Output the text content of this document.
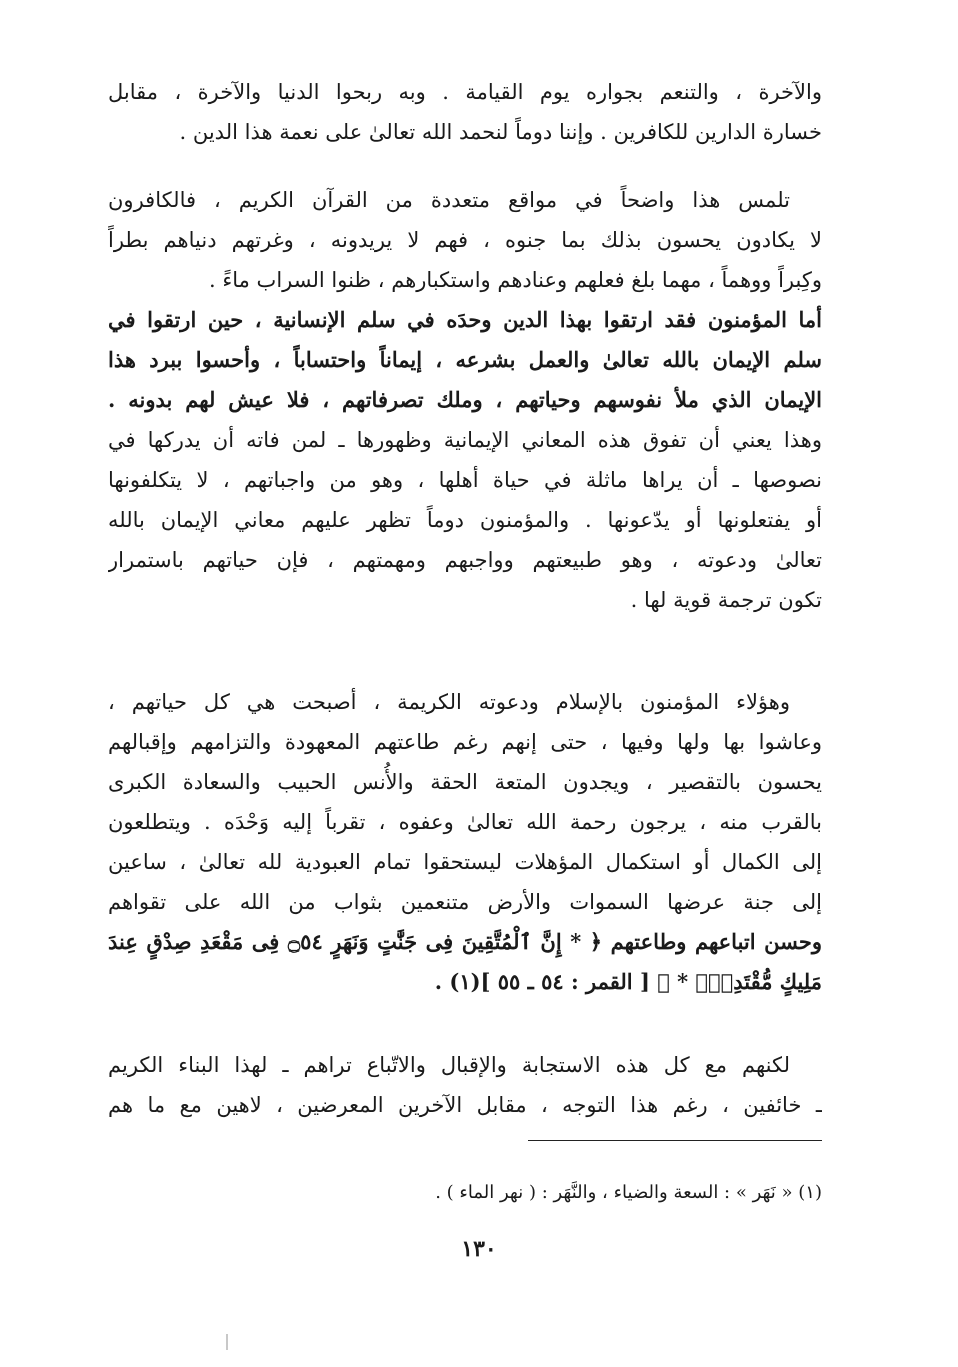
والآخرة ، والتنعم بجواره يوم القيامة . وبه ربحوا الدنيا والآخرة ، مقابل
خسارة الدارين للكافرين . وإننا دوماً لنحمد الله تعالىٰ على نعمة هذا الدين .
تلمس هذا واضحاً في مواقع متعددة من القرآن الكريم ، فالكافرون
لا يكادون يحسون بذلك بما جنوه ، فهم لا يريدونه ، وغرتهم دنياهم بطراً
وكِبراً ووهماً ، مهما بلغ فعلهم وعنادهم واستكبارهم ، ظنوا السراب ماءً .
أما المؤمنون فقد ارتقوا بهذا الدين وحدَه في سلم الإنسانية ، حين ارتقوا في
سلم الإيمان بالله تعالىٰ والعمل بشرعه ، إيماناً واحتساباً ، وأحسوا ببرد هذا
الإيمان الذي ملأ نفوسهم وحياتهم ، وملك تصرفاتهم ، فلا عيش لهم بدونه .
وهذا يعني أن تفوق هذه المعاني الإيمانية وظهورها ـ لمن فاته أن يدركها في
نصوصها ـ أن يراها ماثلة في حياة أهلها ، وهو من واجباتهم ، لا يتكلفونها
أو يفتعلونها أو يدّعونها . والمؤمنون دوماً تظهر عليهم معاني الإيمان بالله
تعالىٰ ودعوته ، وهو طبيعتهم وواجبهم ومهمتهم ، فإن حياتهم باستمرار
تكون ترجمة قوية لها .
وهؤلاء المؤمنون بالإسلام ودعوته الكريمة ، أصبحت هي كل حياتهم ،
وعاشوا بها ولها وفيها ، حتى إنهم رغم طاعتهم المعهودة والتزامهم وإقبالهم
يحسون بالتقصير ، ويجدون المتعة الحقة والأُنس الحبيب والسعادة الكبرى
بالقرب منه ، يرجون رحمة الله تعالىٰ وعفوه ، تقرباً إليه وَحْدَه . ويتطلعون
إلى الكمال أو استكمال المؤهلات ليستحقوا تمام العبودية لله تعالىٰ ، ساعين
إلى جنة عرضها السموات والأرض متنعمين بثواب من الله على تقواهم
وحسن اتباعهم وطاعتهم ﴿ * إِنَّ ٱلْمُتَّقِينَ فِى جَنَّٰتٍ وَنَهَرٍ ۝٥٤ فِى مَقْعَدِ صِدْقٍ عِندَ
مَلِيكٍ مُّقْتَدِرٍۭ * ﴾ [ القمر : ٥٤ ـ ٥٥ ](١) .
لكنهم مع كل هذه الاستجابة والإقبال والاتّباع تراهم ـ لهذا البناء الكريم
ـ خائفين ، رغم هذا التوجه ، مقابل الآخرين المعرضين ، لاهين مع ما هم
(١) « نَهَر » : السعة والضياء ، والنَّهَر : ( نهر الماء ) .
١٣٠
